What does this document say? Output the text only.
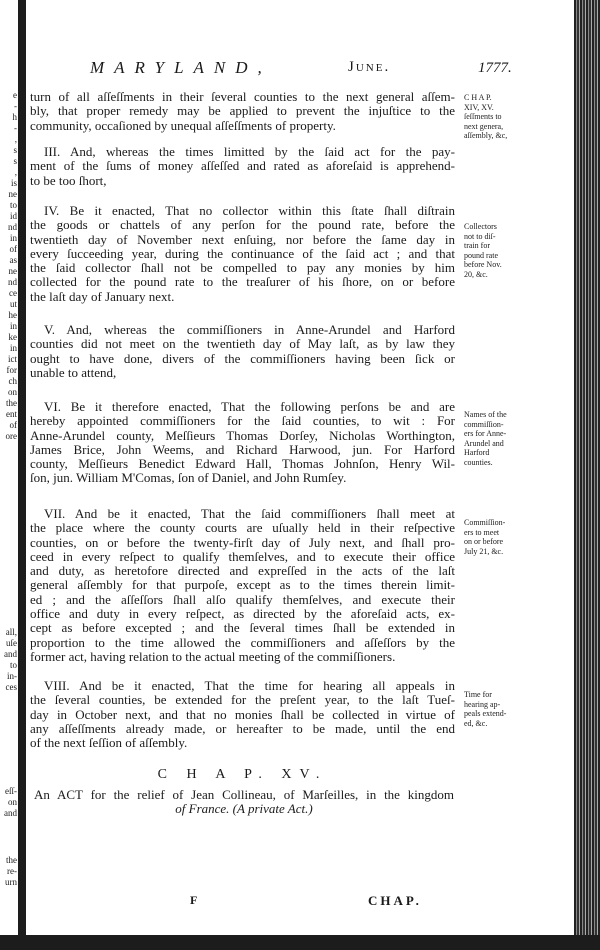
e
-
h
-
,
s
s
,
is
ne
to
id
nd
in
of
as
ne
nd
ce
ut
he
in
ke
in
ict
for
ch
on
the
ent
of
ore
all,
uſe
and
to
in-
ces
eſſ-
on
and
the
re-
urn
MARYLAND,	June.	1777.
turn of all aſſeſſments in their ſeveral counties to the next general aſſem-
bly, that proper remedy may be applied to prevent the injuſtice to the
community, occaſioned by unequal aſſeſſments of property.
III. And, whereas the times limitted by the ſaid act for the pay-
ment of the ſums of money aſſeſſed and rated as aforeſaid is apprehend-
to be too ſhort,
IV. Be it enacted, That no collector within this ſtate ſhall diſtrain
the goods or chattels of any perſon for the pound rate, before the
twentieth day of November next enſuing, nor before the ſame day in
every ſucceeding year, during the continuance of the ſaid act ; and that
the ſaid collector ſhall not be compelled to pay any monies by him
collected for the pound rate to the treaſurer of his ſhore, on or before
the laſt day of January next.
V. And, whereas the commiſſioners in Anne-Arundel and Harford
counties did not meet on the twentieth day of May laſt, as by law they
ought to have done, divers of the commiſſioners having been ſick or
unable to attend,
VI. Be it therefore enacted, That the following perſons be and are
hereby appointed commiſſioners for the ſaid counties, to wit : For
Anne-Arundel county, Meſſieurs Thomas Dorſey, Nicholas Worthington,
James Brice, John Weems, and Richard Harwood, jun. For Harford
county, Meſſieurs Benedict Edward Hall, Thomas Johnſon, Henry Wil-
ſon, jun. William M'Comas, ſon of Daniel, and John Rumſey.
VII. And be it enacted, That the ſaid commiſſioners ſhall meet at
the place where the county courts are uſually held in their reſpective
counties, on or before the twenty-firſt day of July next, and ſhall pro-
ceed in every reſpect to qualify themſelves, and to execute their office
and duty, as heretofore directed and expreſſed in the acts of the laſt
general aſſembly for that purpoſe, except as to the times therein limit-
ed ; and the aſſeſſors ſhall alſo qualify themſelves, and execute their
office and duty in every reſpect, as directed by the aforeſaid acts, ex-
cept as before excepted ; and the ſeveral times ſhall be extended in
proportion to the time allowed the commiſſioners and aſſeſſors by the
former act, having relation to the actual meeting of the commiſſioners.
VIII. And be it enacted, That the time for hearing all appeals in
the ſeveral counties, be extended for the preſent year, to the laſt Tueſ-
day in October next, and that no monies ſhall be collected in virtue of
any aſſeſſments already made, or hereafter to be made, until the end
of the next ſeſſion of aſſembly.
C H A P.
XIV, XV.
ſeſſments to
next genera,
aſſembly, &c,
Collectors
not to diſ-
train for
pound rate
before Nov.
20, &c.
Names of the
commiſſion-
ers for Anne-
Arundel and
Harford
counties.
Commiſſion-
ers to meet
on or before
July 21, &c.
Time for
hearing ap-
peals extend-
ed, &c.
C H A P. XV.
An ACT for the relief of Jean Collineau, of Marſeilles, in the kingdom
of France. (A private Act.)
F	CHAP.
